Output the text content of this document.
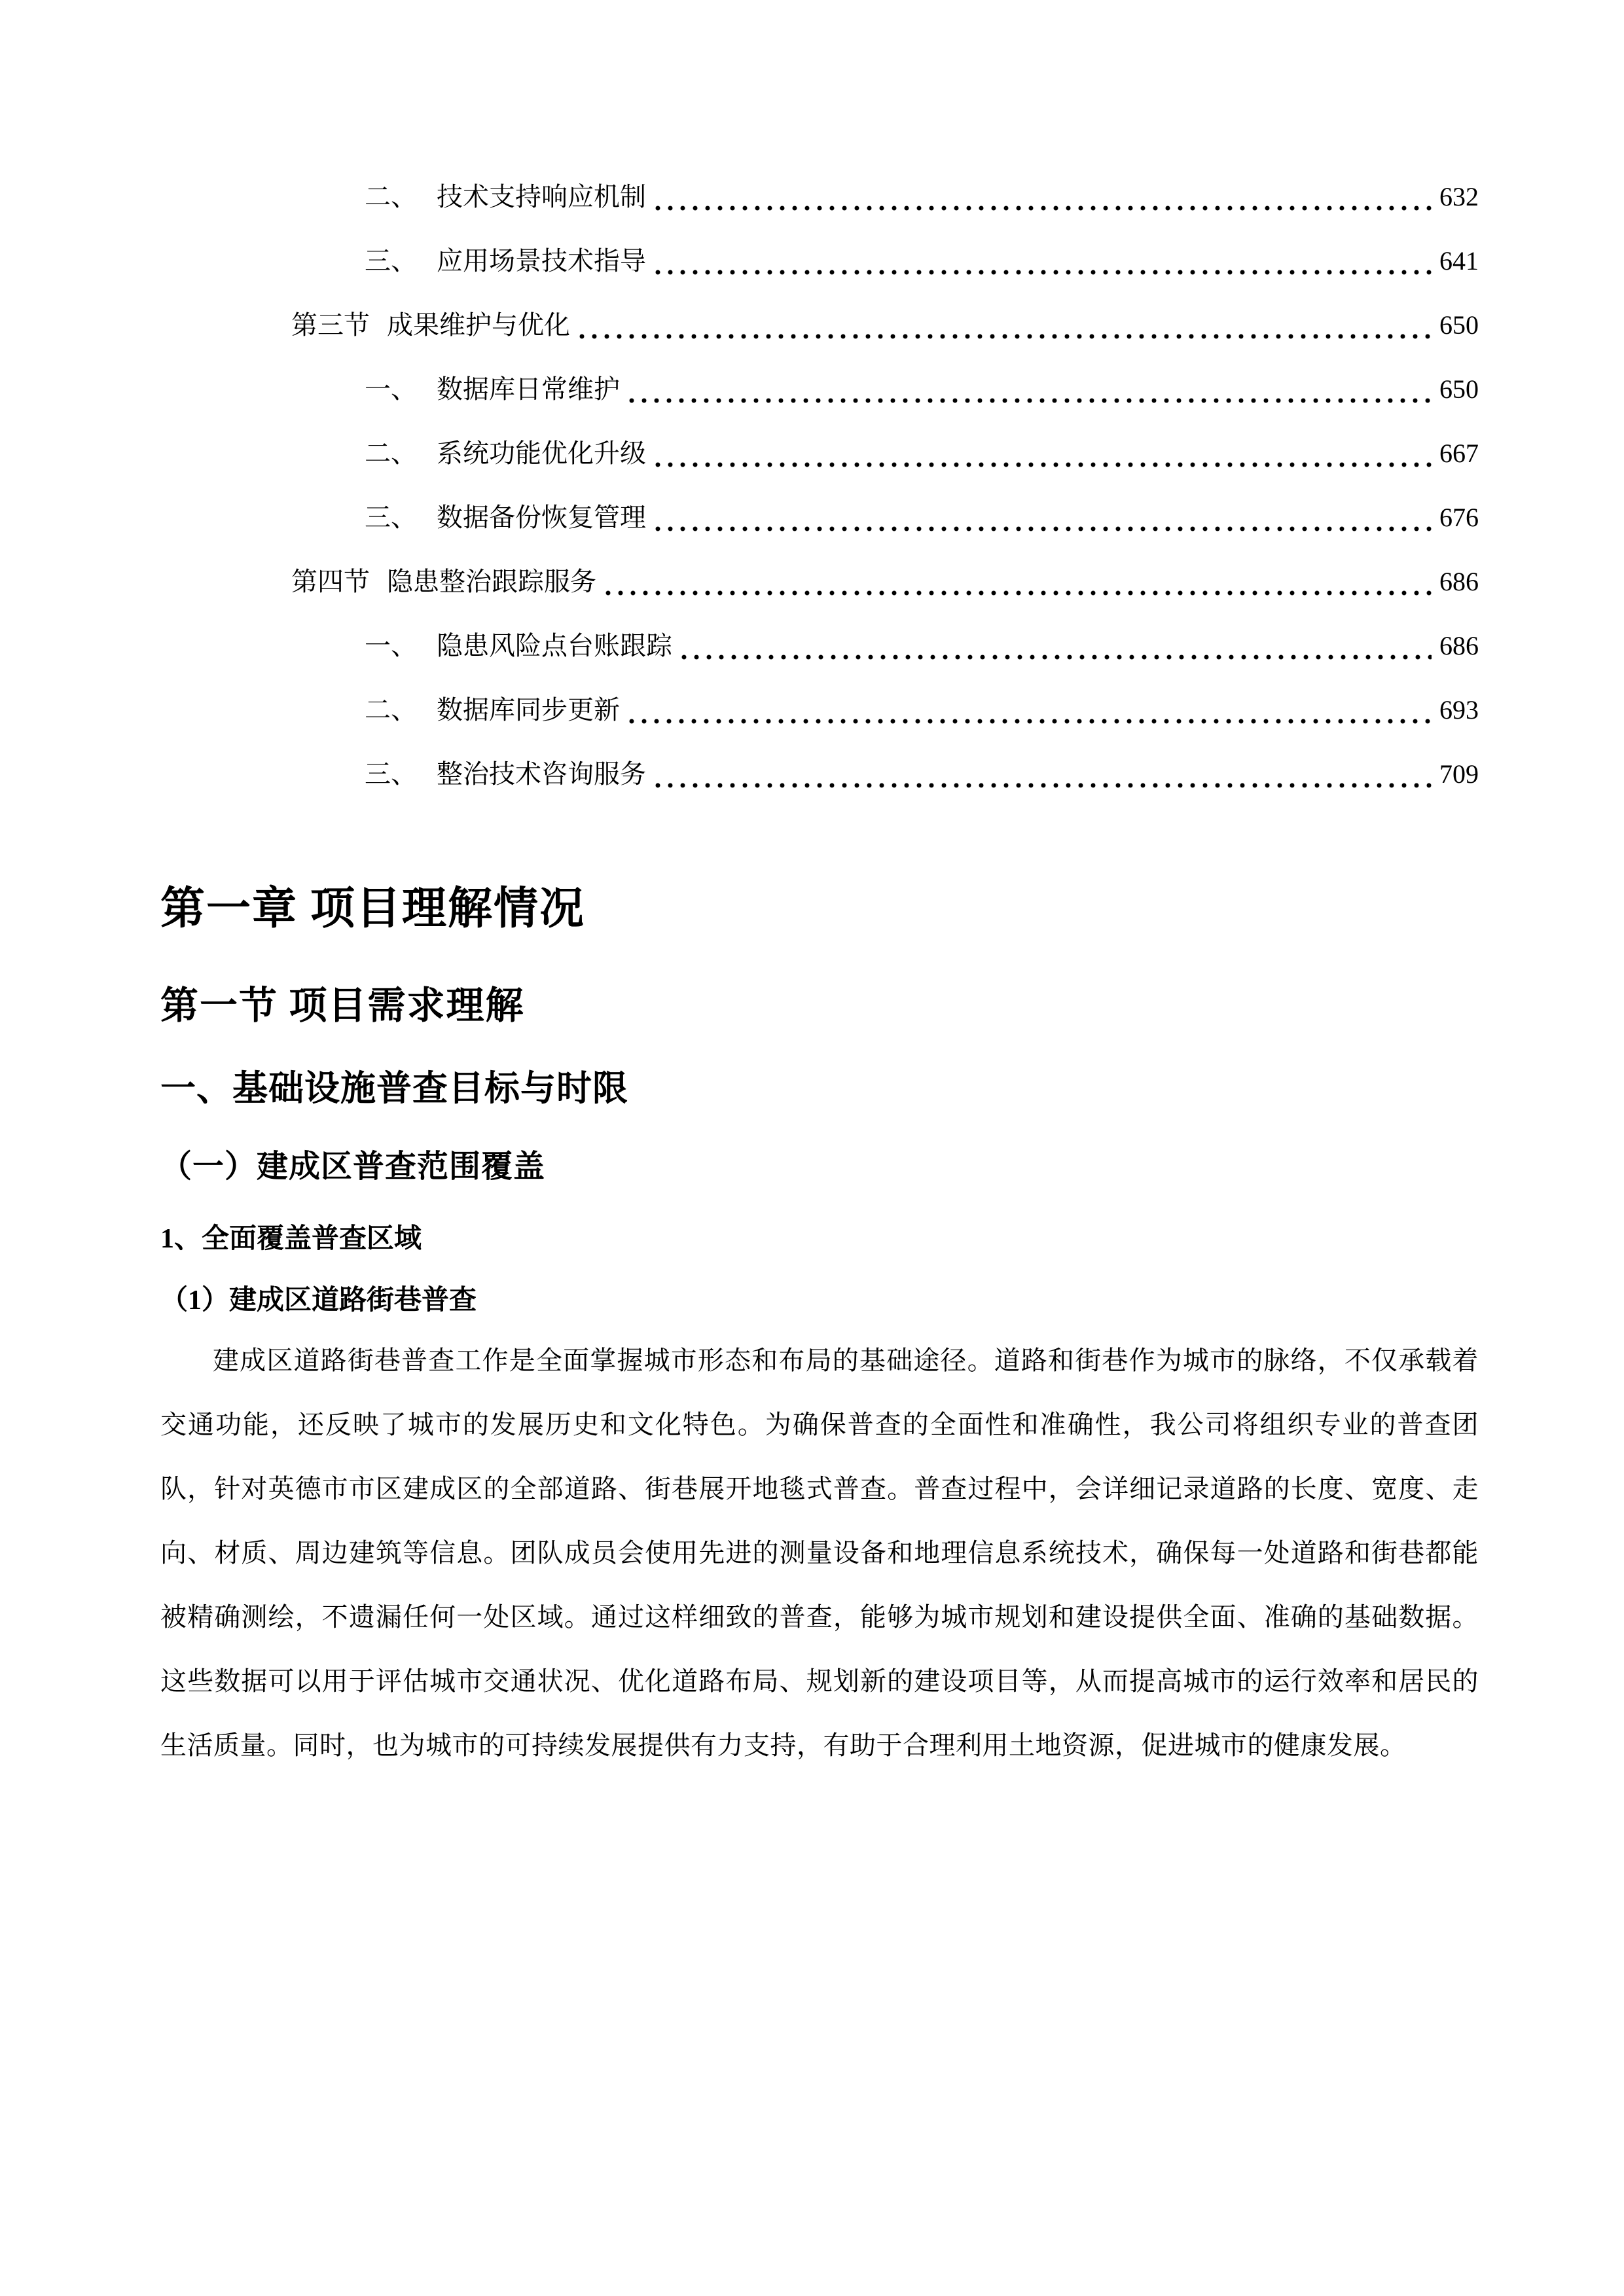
二、 技术支持响应机制	632
三、 应用场景技术指导	641
第三节 成果维护与优化	650
一、 数据库日常维护	650
二、 系统功能优化升级	667
三、 数据备份恢复管理	676
第四节 隐患整治跟踪服务	686
一、 隐患风险点台账跟踪	686
二、 数据库同步更新	693
三、 整治技术咨询服务	709
第一章 项目理解情况
第一节 项目需求理解
一、基础设施普查目标与时限
（一）建成区普查范围覆盖
1、全面覆盖普查区域
（1）建成区道路街巷普查

建成区道路街巷普查工作是全面掌握城市形态和布局的基础途径。道路和街巷作为城市的脉络，不仅承载着交通功能，还反映了城市的发展历史和文化特色。为确保普查的全面性和准确性，我公司将组织专业的普查团队，针对英德市市区建成区的全部道路、街巷展开地毯式普查。普查过程中，会详细记录道路的长度、宽度、走向、材质、周边建筑等信息。团队成员会使用先进的测量设备和地理信息系统技术，确保每一处道路和街巷都能被精确测绘，不遗漏任何一处区域。通过这样细致的普查，能够为城市规划和建设提供全面、准确的基础数据。这些数据可以用于评估城市交通状况、优化道路布局、规划新的建设项目等，从而提高城市的运行效率和居民的生活质量。同时，也为城市的可持续发展提供有力支持，有助于合理利用土地资源，促进城市的健康发展。
